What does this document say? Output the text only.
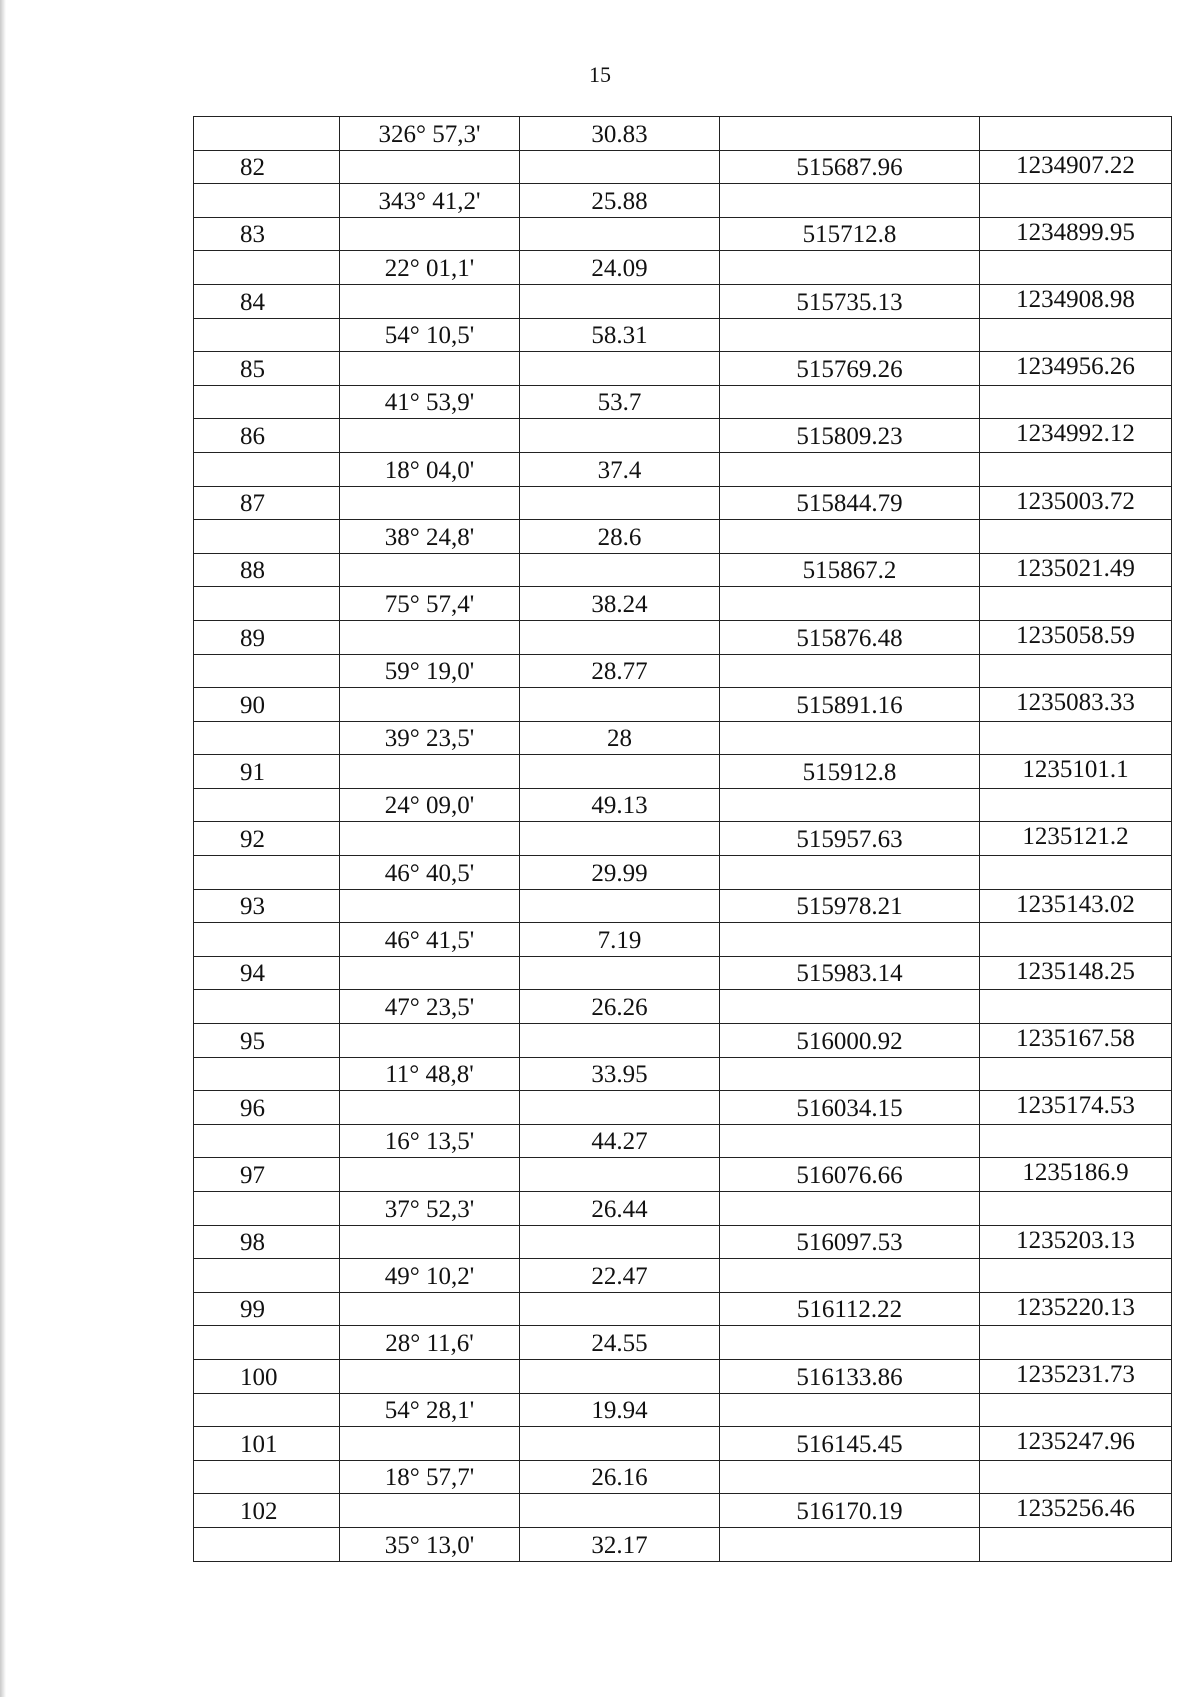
15
	326° 57,3'	30.83		
82			515687.96	1234907.22
	343° 41,2'	25.88		
83			515712.8	1234899.95
	22° 01,1'	24.09		
84			515735.13	1234908.98
	54° 10,5'	58.31		
85			515769.26	1234956.26
	41° 53,9'	53.7		
86			515809.23	1234992.12
	18° 04,0'	37.4		
87			515844.79	1235003.72
	38° 24,8'	28.6		
88			515867.2	1235021.49
	75° 57,4'	38.24		
89			515876.48	1235058.59
	59° 19,0'	28.77		
90			515891.16	1235083.33
	39° 23,5'	28		
91			515912.8	1235101.1
	24° 09,0'	49.13		
92			515957.63	1235121.2
	46° 40,5'	29.99		
93			515978.21	1235143.02
	46° 41,5'	7.19		
94			515983.14	1235148.25
	47° 23,5'	26.26		
95			516000.92	1235167.58
	11° 48,8'	33.95		
96			516034.15	1235174.53
	16° 13,5'	44.27		
97			516076.66	1235186.9
	37° 52,3'	26.44		
98			516097.53	1235203.13
	49° 10,2'	22.47		
99			516112.22	1235220.13
	28° 11,6'	24.55		
100			516133.86	1235231.73
	54° 28,1'	19.94		
101			516145.45	1235247.96
	18° 57,7'	26.16		
102			516170.19	1235256.46
	35° 13,0'	32.17		
